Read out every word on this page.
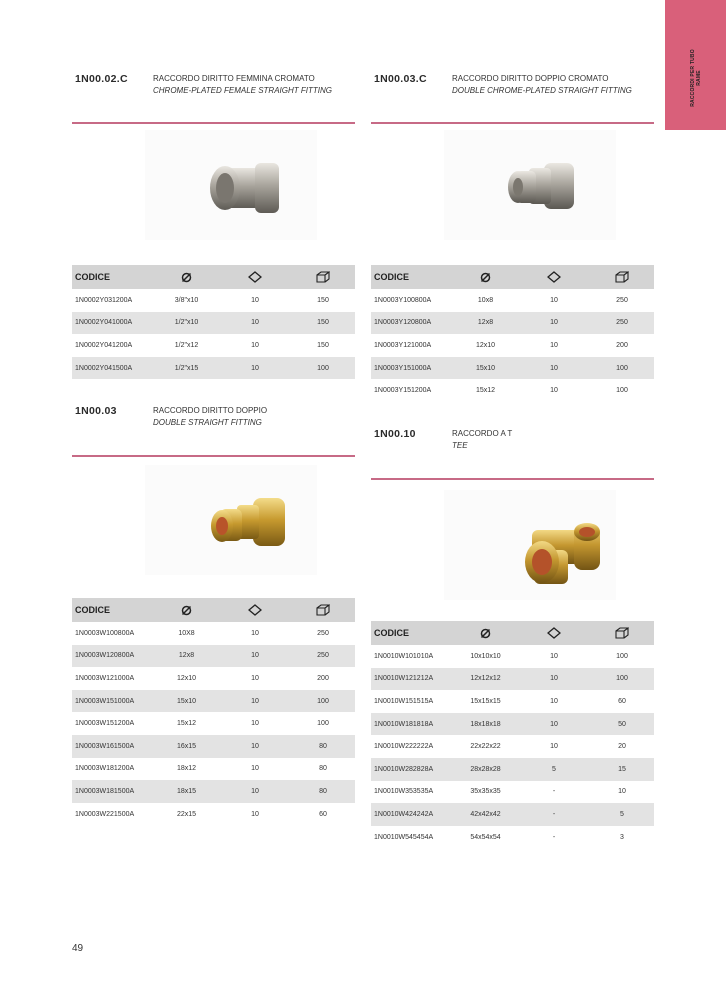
RACCORDI PER TUBO RAME
1N00.02.C	RACCORDO DIRITTO FEMMINA CROMATO
CHROME-PLATED FEMALE STRAIGHT FITTING
CODICE			
1N0002Y031200A	3/8"x10	10	150
1N0002Y041000A	1/2"x10	10	150
1N0002Y041200A	1/2"x12	10	150
1N0002Y041500A	1/2"x15	10	100
1N00.03.C	RACCORDO DIRITTO DOPPIO CROMATO
DOUBLE CHROME-PLATED STRAIGHT FITTING
CODICE			
1N0003Y100800A	10x8	10	250
1N0003Y120800A	12x8	10	250
1N0003Y121000A	12x10	10	200
1N0003Y151000A	15x10	10	100
1N0003Y151200A	15x12	10	100
1N00.03	RACCORDO DIRITTO DOPPIO
DOUBLE STRAIGHT FITTING
CODICE			
1N0003W100800A	10X8	10	250
1N0003W120800A	12x8	10	250
1N0003W121000A	12x10	10	200
1N0003W151000A	15x10	10	100
1N0003W151200A	15x12	10	100
1N0003W161500A	16x15	10	80
1N0003W181200A	18x12	10	80
1N0003W181500A	18x15	10	80
1N0003W221500A	22x15	10	60
1N00.10	RACCORDO A T
TEE
CODICE			
1N0010W101010A	10x10x10	10	100
1N0010W121212A	12x12x12	10	100
1N0010W151515A	15x15x15	10	60
1N0010W181818A	18x18x18	10	50
1N0010W222222A	22x22x22	10	20
1N0010W282828A	28x28x28	5	15
1N0010W353535A	35x35x35	-	10
1N0010W424242A	42x42x42	-	5
1N0010W545454A	54x54x54	-	3
49
